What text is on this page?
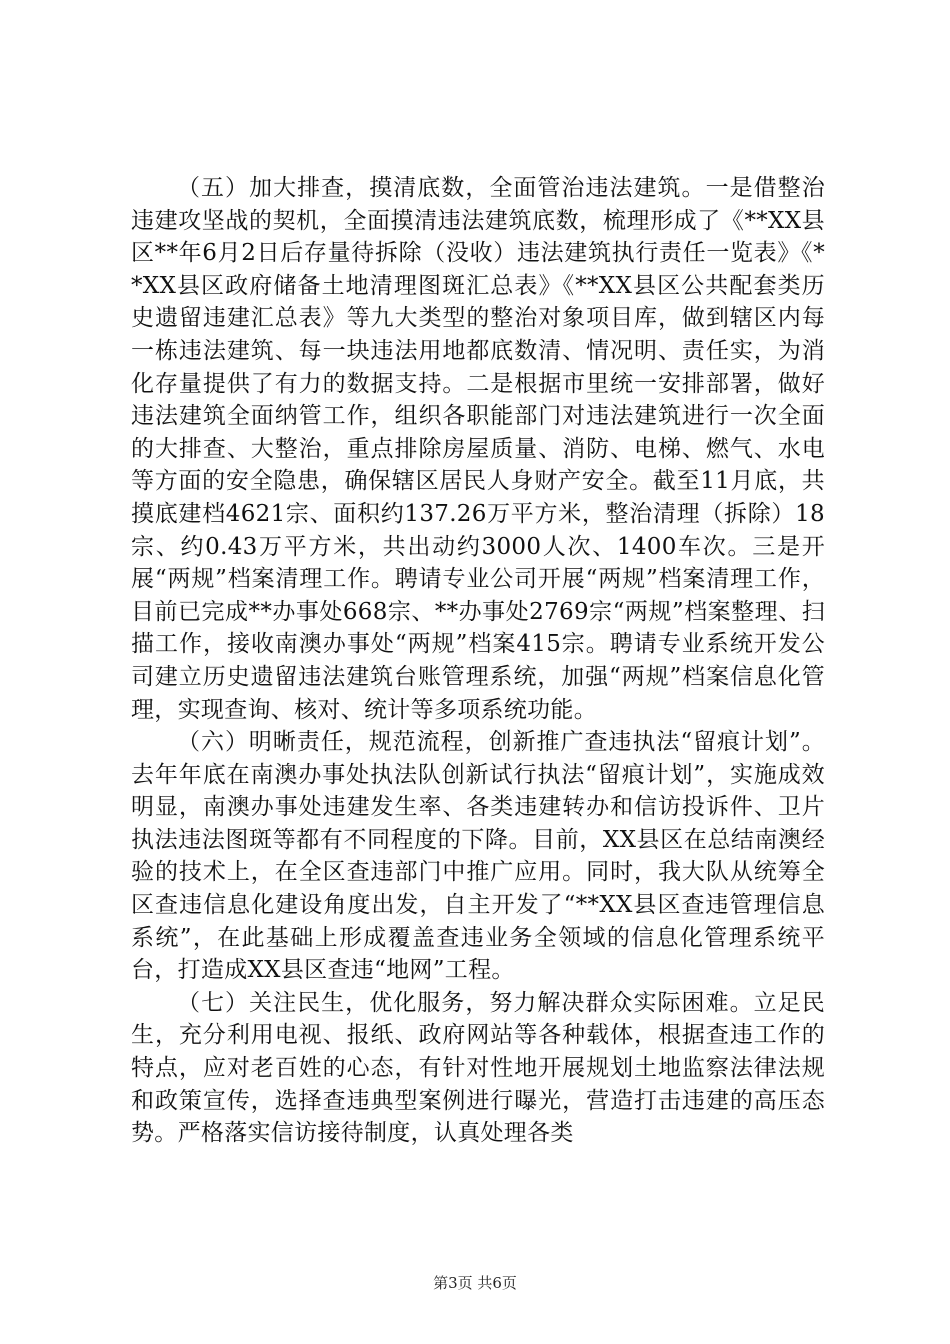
（五）加大排查，摸清底数，全面管治违法建筑。一是借整治违建攻坚战的契机，全面摸清违法建筑底数，梳理形成了《**XX县区**年6月2日后存量待拆除（没收）违法建筑执行责任一览表》《**XX县区政府储备土地清理图斑汇总表》《**XX县区公共配套类历史遗留违建汇总表》等九大类型的整治对象项目库，做到辖区内每一栋违法建筑、每一块违法用地都底数清、情况明、责任实，为消化存量提供了有力的数据支持。二是根据市里统一安排部署，做好违法建筑全面纳管工作，组织各职能部门对违法建筑进行一次全面的大排查、大整治，重点排除房屋质量、消防、电梯、燃气、水电等方面的安全隐患，确保辖区居民人身财产安全。截至11月底，共摸底建档4621宗、面积约137.26万平方米，整治清理（拆除）18宗、约0.43万平方米，共出动约3000人次、1400车次。三是开展“两规”档案清理工作。聘请专业公司开展“两规”档案清理工作，目前已完成**办事处668宗、**办事处2769宗“两规”档案整理、扫描工作，接收南澳办事处“两规”档案415宗。聘请专业系统开发公司建立历史遗留违法建筑台账管理系统，加强“两规”档案信息化管理，实现查询、核对、统计等多项系统功能。

（六）明晰责任，规范流程，创新推广查违执法“留痕计划”。去年年底在南澳办事处执法队创新试行执法“留痕计划”，实施成效明显，南澳办事处违建发生率、各类违建转办和信访投诉件、卫片执法违法图斑等都有不同程度的下降。目前，XX县区在总结南澳经验的技术上，在全区查违部门中推广应用。同时，我大队从统筹全区查违信息化建设角度出发，自主开发了“**XX县区查违管理信息系统”，在此基础上形成覆盖查违业务全领域的信息化管理系统平台，打造成XX县区查违“地网”工程。

（七）关注民生，优化服务，努力解决群众实际困难。立足民生，充分利用电视、报纸、政府网站等各种载体，根据查违工作的特点，应对老百姓的心态，有针对性地开展规划土地监察法律法规和政策宣传，选择查违典型案例进行曝光，营造打击违建的高压态势。严格落实信访接待制度，认真处理各类

第3页 共6页
